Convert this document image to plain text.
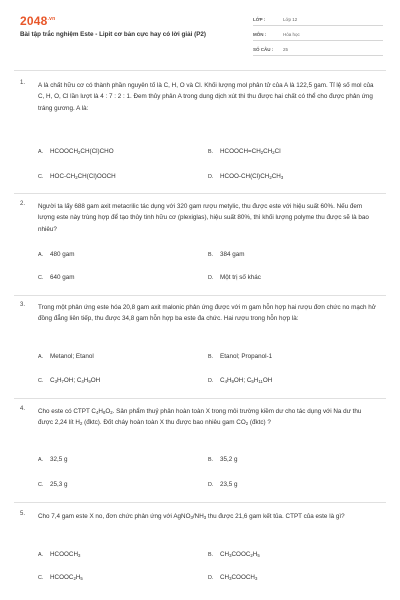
$2048^{.vn}$
Bài tập trắc nghiệm Este - Lipit cơ bản cực hay có lời giải (P2)
LỚP :	Lớp 12
MÔN :	Hóa học
SỐ CÂU :	25
1. A là chất hữu cơ có thành phần nguyên tố là C, H, O và Cl. Khối lượng mol phân tử của A là 122,5 gam. Tỉ lệ số mol của C, H, O, Cl lần lượt là 4 : 7 : 2 : 1. Đem thủy phân A trong dung dịch xút thì thu được hai chất có thể cho được phản ứng tráng gương. A là:
A. $HCOOCH_2CH(Cl)CHO$	B. $HCOOCH=CH_2CH_2Cl$
C. HOC-$CH_2CH(Cl)OOCH$	D. HCOO-$CH(Cl)CH_2CH_3$
2. Người ta lấy 688 gam axit metacrilic tác dụng với 320 gam rượu metylic, thu được este với hiệu suất 60%. Nếu đem lượng este này trùng hợp để tạo thủy tinh hữu cơ (plexiglas), hiệu suất 80%, thì khối lượng polyme thu được sẽ là bao nhiêu?
A. 480 gam	B. 384 gam
C. 640 gam	D. Một trị số khác
3. Trong một phản ứng este hóa 20,8 gam axit malonic phản ứng được với m gam hỗn hợp hai rượu đơn chức no mạch hở đồng đẳng liên tiếp, thu được 34,8 gam hỗn hợp ba este đa chức. Hai rượu trong hỗn hợp là:
A. Metanol; Etanol	B. Etanol; Propanol-1
C. $C_3H_7OH$; $C_4H_9OH$	D. $C_4H_9OH$; $C_5H_{11}OH$
4. Cho este có CTPT $C_4H_8O_2$. Sản phẩm thuỷ phân hoàn toàn X trong môi trường kiềm dư cho tác dụng với Na dư thu được 2,24 lít $H_2$ (đktc). Đốt cháy hoàn toàn X thu được bao nhiêu gam $CO_2$ (đktc) ?
A. 32,5 g	B. 35,2 g
C. 25,3 g	D. 23,5 g
5. Cho 7,4 gam este X no, đơn chức phản ứng với $AgNO_3/NH_3$ thu được 21,6 gam kết tủa. CTPT của este là gì?
A. $HCOOCH_3$	B. $CH_3COOC_2H_5$
C. $HCOOC_2H_5$	D. $CH_3COOCH_3$
